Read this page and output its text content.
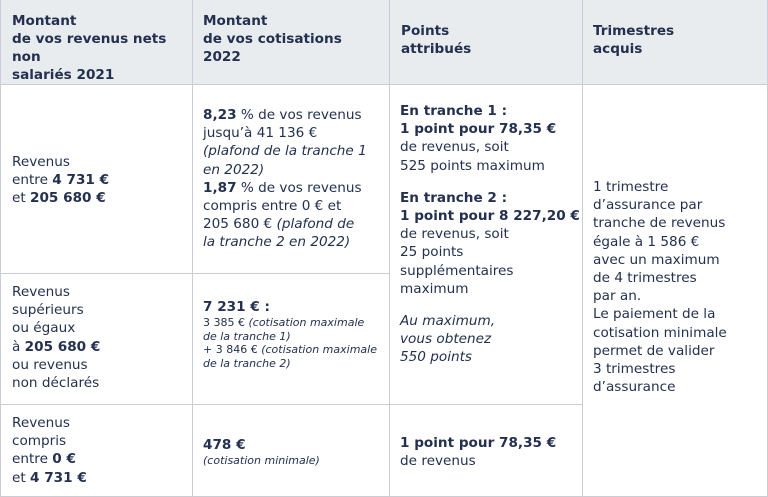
Montant
de vos revenus nets non
salariés 2021
Montant
de vos cotisations
2022
Points
attribués
Trimestres
acquis
Revenus
entre 4 731 €
et 205 680 €
8,23 % de vos revenus
jusqu’à 41 136 €
(plafond de la tranche 1
en 2022)
1,87 % de vos revenus
compris entre 0 € et
205 680 € (plafond de
la tranche 2 en 2022)
En tranche 1 :
1 point pour 78,35 €
de revenus, soit
525 points maximum
En tranche 2 :
1 point pour 8 227,20 €
de revenus, soit
25 points
supplémentaires
maximum
Au maximum,
vous obtenez
550 points
1 trimestre
d’assurance par
tranche de revenus
égale à 1 586 €
avec un maximum
de 4 trimestres
par an.
Le paiement de la
cotisation minimale
permet de valider
3 trimestres
d’assurance
Revenus
supérieurs
ou égaux
à 205 680 €
ou revenus
non déclarés
7 231 € :
3 385 € (cotisation maximale
de la tranche 1)
+ 3 846 € (cotisation maximale
de la tranche 2)
Revenus
compris
entre 0 €
et 4 731 €
478 €
(cotisation minimale)
1 point pour 78,35 €
de revenus
